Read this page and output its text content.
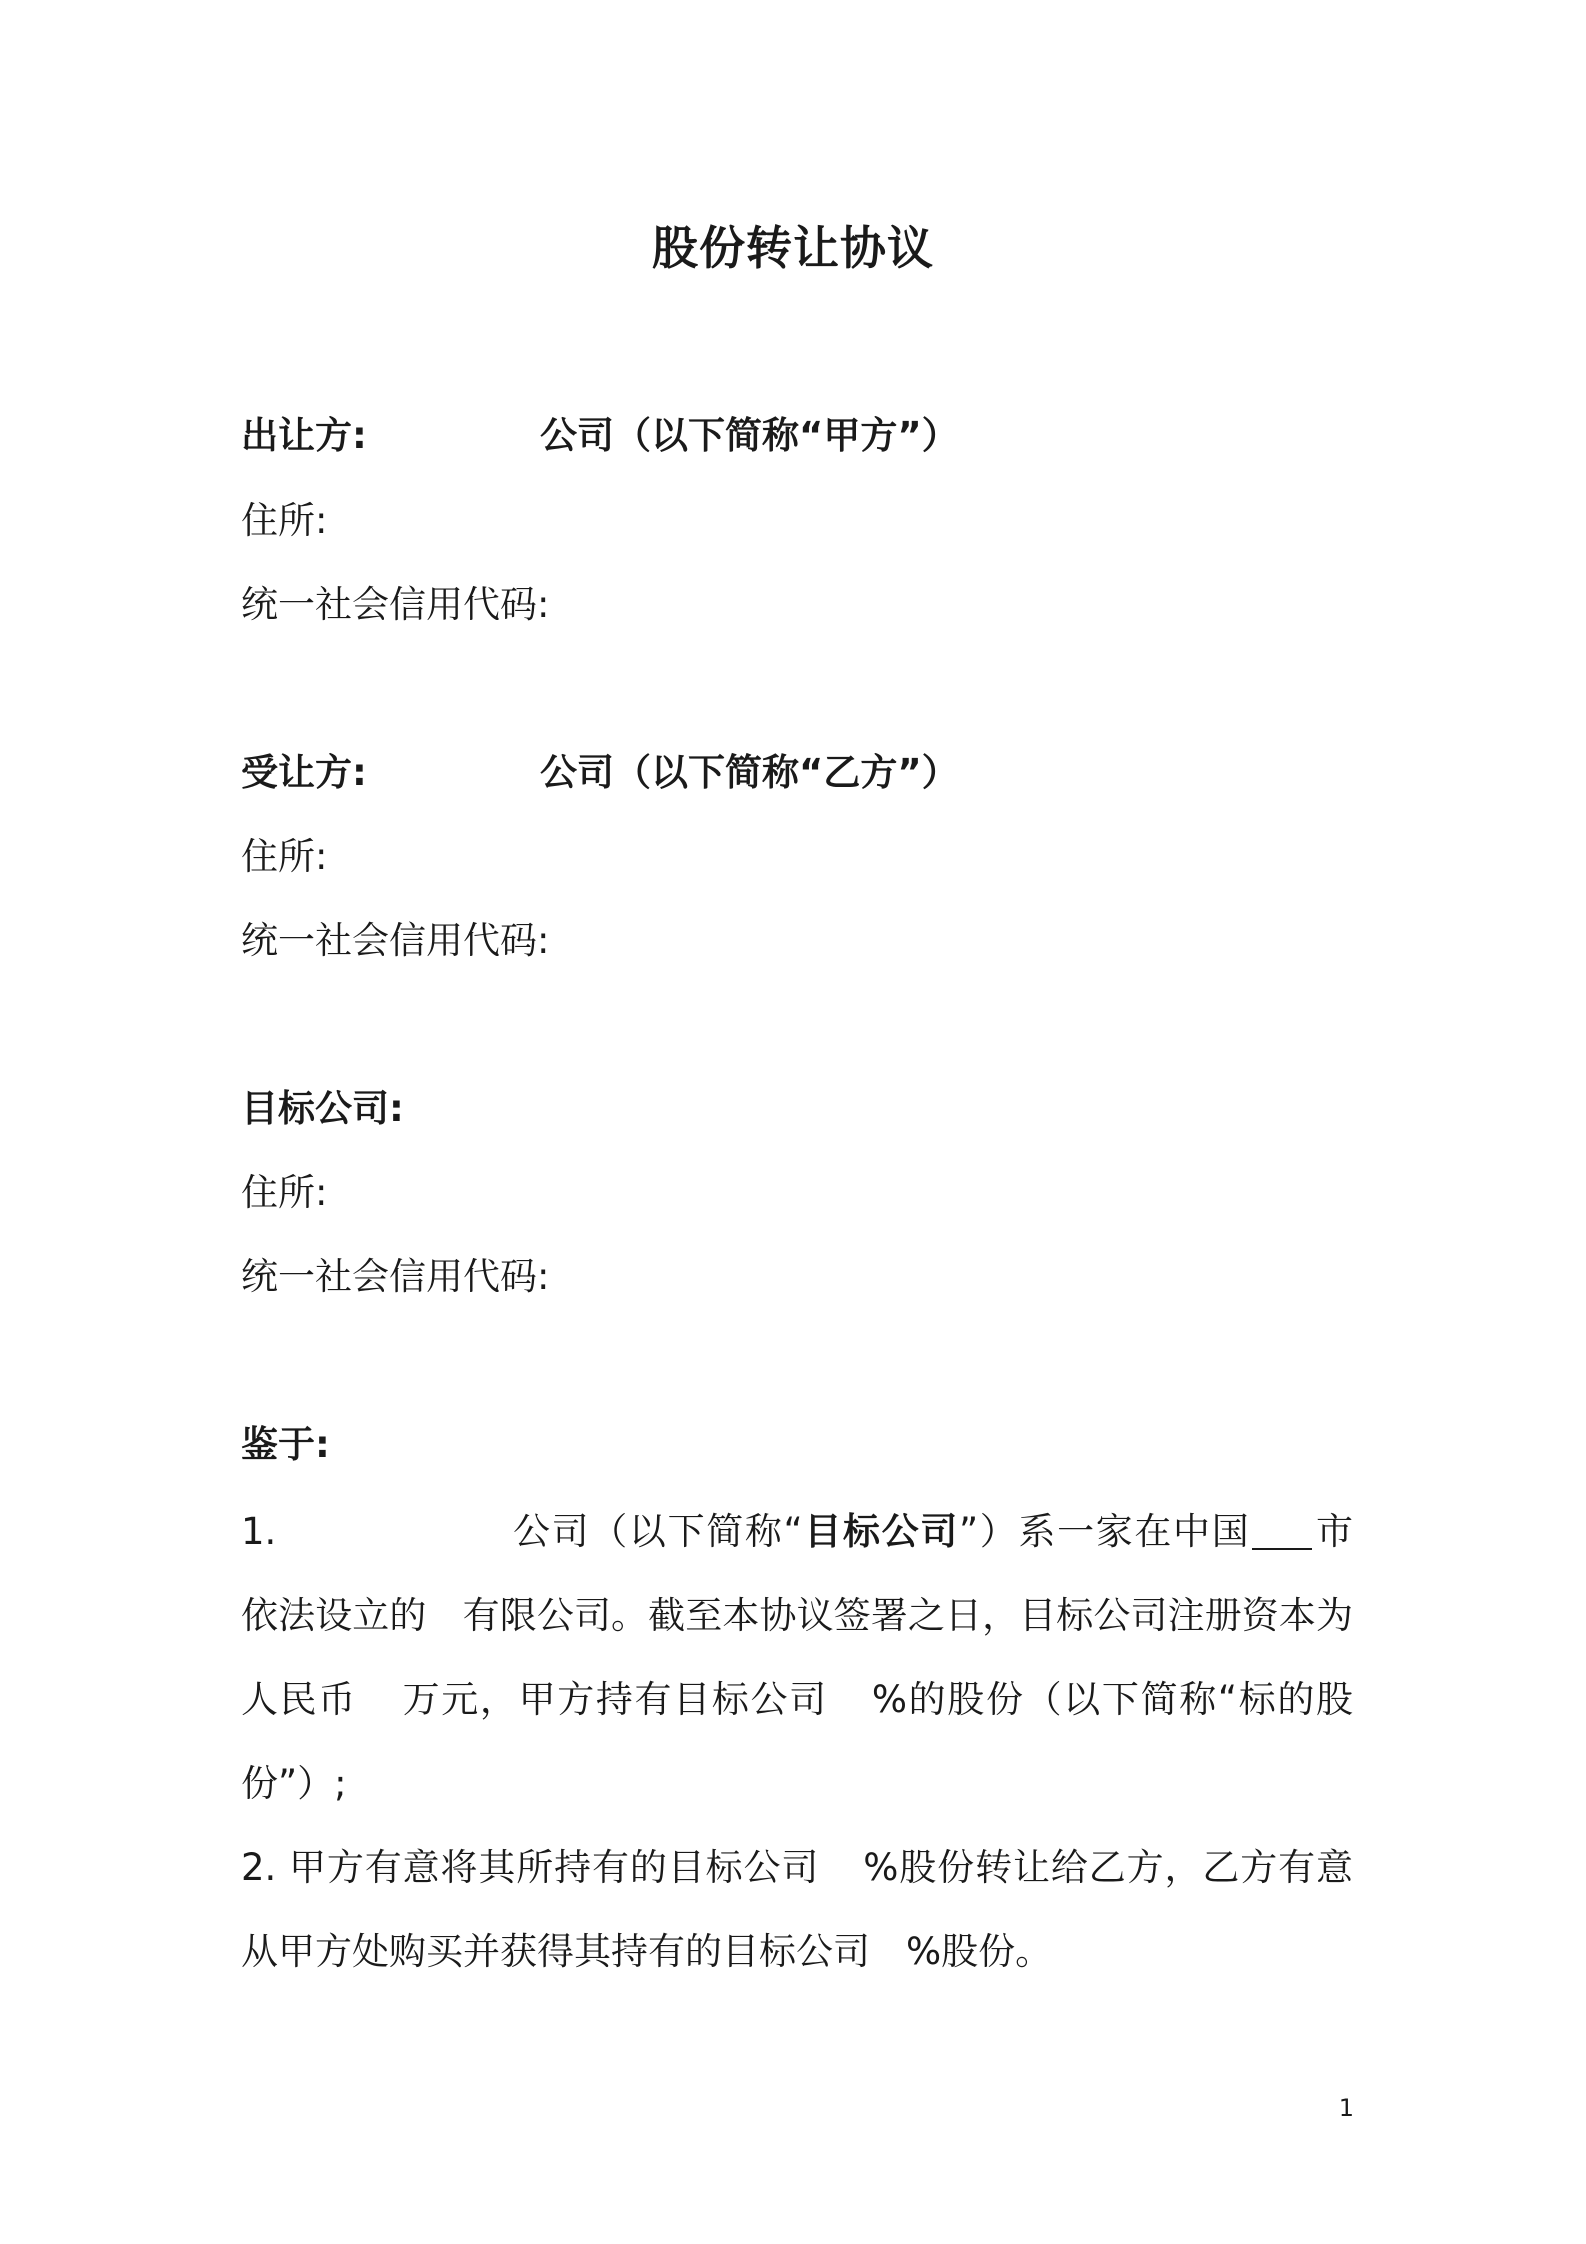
股份转让协议
出让方:	公司（以下简称“甲方”）
住所:
统一社会信用代码:
受让方:	公司（以下简称“乙方”）
住所:
统一社会信用代码:
目标公司:
住所:
统一社会信用代码:
鉴于:

1.	公司（以下简称“目标公司”）系一家在中国 市依法设立的 有限公司。截至本协议签署之日，目标公司注册资本为人民币 万元，甲方持有目标公司 %的股份（以下简称“标的股份”）;

2. 甲方有意将其所持有的目标公司 %股份转让给乙方，乙方有意从甲方处购买并获得其持有的目标公司 %股份。

1
